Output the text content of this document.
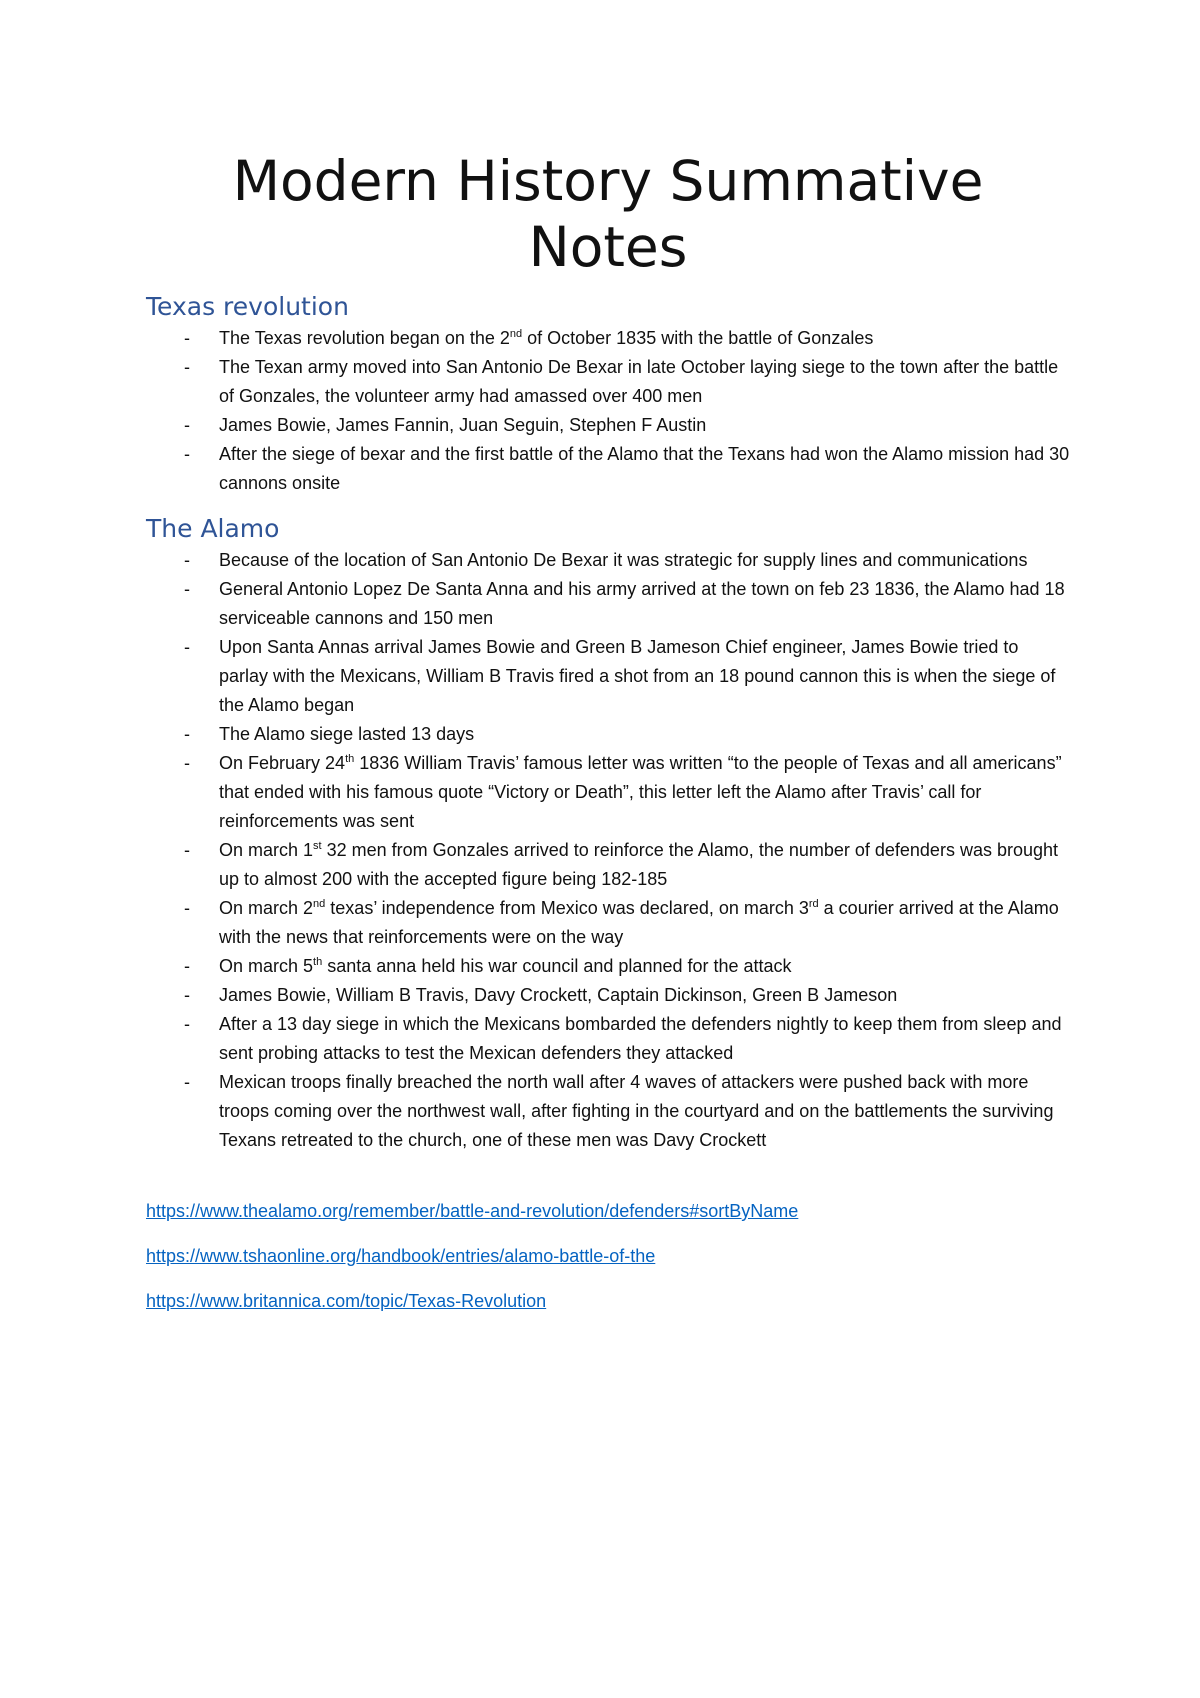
Modern History Summative Notes
Texas revolution
- The Texas revolution began on the 2nd of October 1835 with the battle of Gonzales
- The Texan army moved into San Antonio De Bexar in late October laying siege to the town after the battle of Gonzales, the volunteer army had amassed over 400 men
- James Bowie, James Fannin, Juan Seguin, Stephen F Austin
- After the siege of bexar and the first battle of the Alamo that the Texans had won the Alamo mission had 30 cannons onsite
The Alamo
- Because of the location of San Antonio De Bexar it was strategic for supply lines and communications
- General Antonio Lopez De Santa Anna and his army arrived at the town on feb 23 1836, the Alamo had 18 serviceable cannons and 150 men
- Upon Santa Annas arrival James Bowie and Green B Jameson Chief engineer, James Bowie tried to parlay with the Mexicans, William B Travis fired a shot from an 18 pound cannon this is when the siege of the Alamo began
- The Alamo siege lasted 13 days
- On February 24th 1836 William Travis’ famous letter was written “to the people of Texas and all americans” that ended with his famous quote “Victory or Death”, this letter left the Alamo after Travis’ call for reinforcements was sent
- On march 1st 32 men from Gonzales arrived to reinforce the Alamo, the number of defenders was brought up to almost 200 with the accepted figure being 182-185
- On march 2nd texas’ independence from Mexico was declared, on march 3rd a courier arrived at the Alamo with the news that reinforcements were on the way
- On march 5th santa anna held his war council and planned for the attack
- James Bowie, William B Travis, Davy Crockett, Captain Dickinson, Green B Jameson
- After a 13 day siege in which the Mexicans bombarded the defenders nightly to keep them from sleep and sent probing attacks to test the Mexican defenders they attacked
- Mexican troops finally breached the north wall after 4 waves of attackers were pushed back with more troops coming over the northwest wall, after fighting in the courtyard and on the battlements the surviving Texans retreated to the church, one of these men was Davy Crockett
https://www.thealamo.org/remember/battle-and-revolution/defenders#sortByName
https://www.tshaonline.org/handbook/entries/alamo-battle-of-the
https://www.britannica.com/topic/Texas-Revolution
